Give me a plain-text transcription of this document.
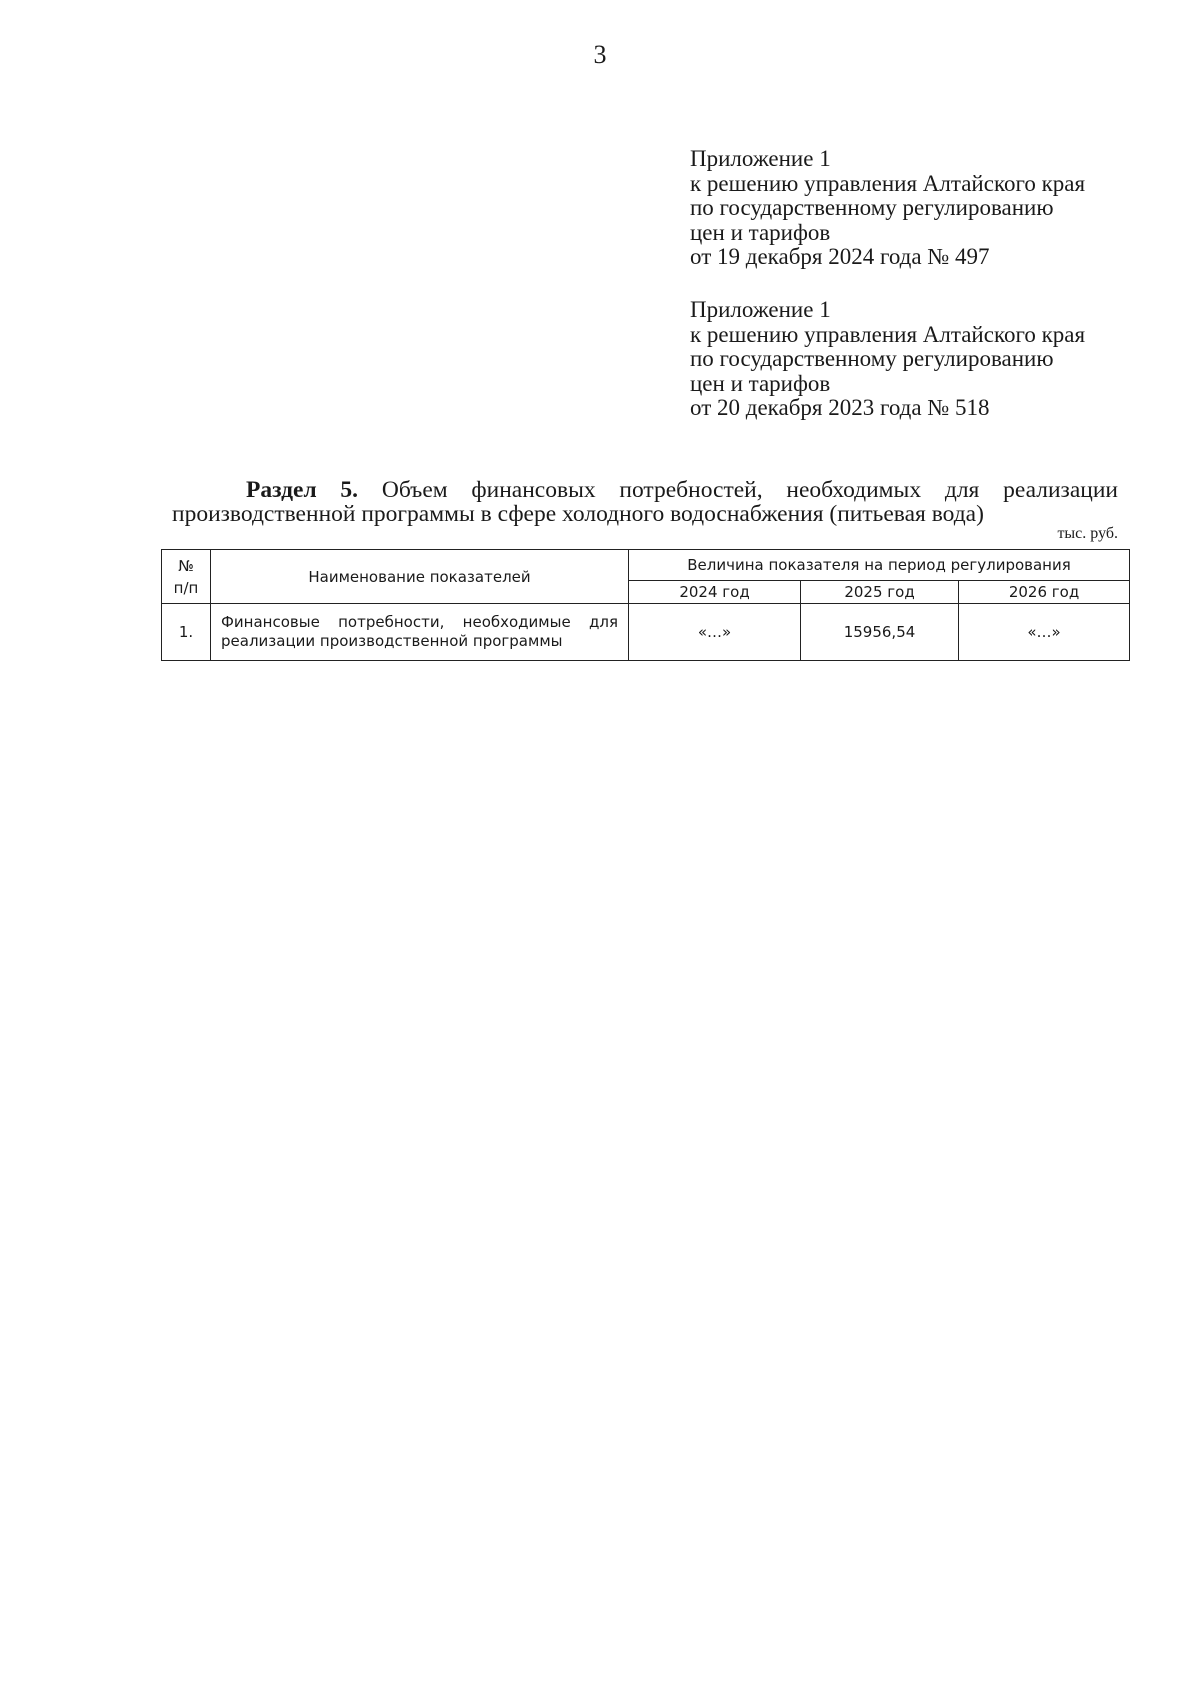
3
Приложение 1
к решению управления Алтайского края
по государственному регулированию
цен и тарифов
от 19 декабря 2024 года № 497
Приложение 1
к решению управления Алтайского края
по государственному регулированию
цен и тарифов
от 20 декабря 2023 года № 518
Раздел 5. Объем финансовых потребностей, необходимых для реализации
производственной программы в сфере холодного водоснабжения (питьевая вода)
тыс. руб.
№
п/п	Наименование показателей	Величина показателя на период регулирования		
		2024 год	2025 год	2026 год
1.	Финансовые потребности, необходимые для реализации производственной программы	«…»	15956,54	«…»
